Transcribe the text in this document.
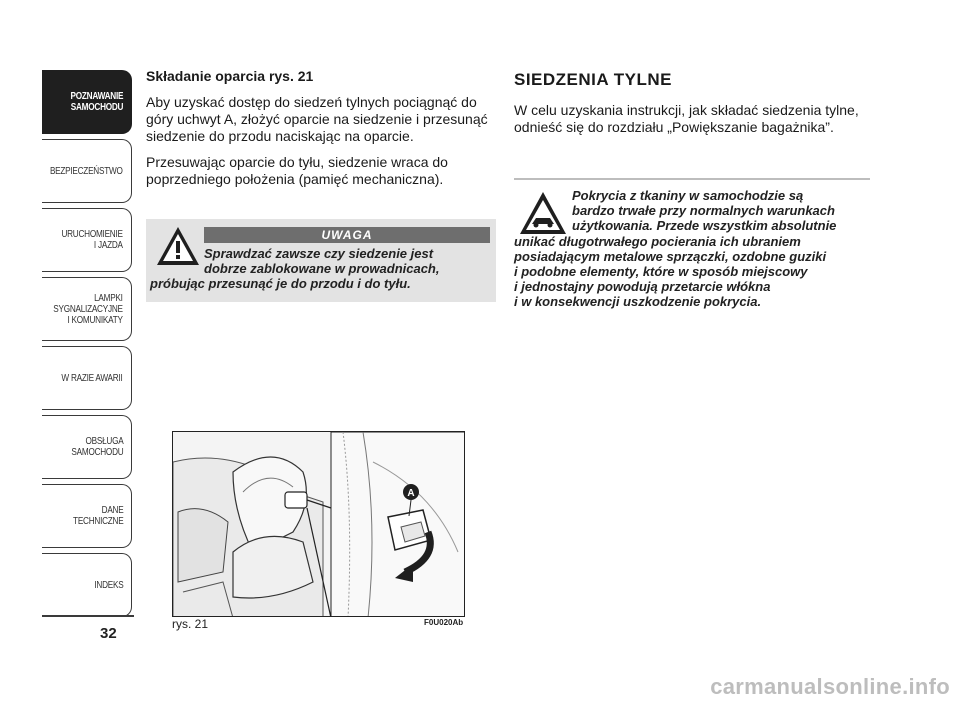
POZNAWANIE
SAMOCHODU
BEZPIECZEŃSTWO
URUCHOMIENIE
I JAZDA
LAMPKI
SYGNALIZACYJNE
I KOMUNIKATY
W RAZIE AWARII
OBSŁUGA
SAMOCHODU
DANE
TECHNICZNE
INDEKS
32
Składanie oparcia rys. 21

Aby uzyskać dostęp do siedzeń tylnych pociągnąć do góry uchwyt A, złożyć oparcie na siedzenie i przesunąć siedzenie do przodu naciskając na oparcie.

Przesuwając oparcie do tyłu, siedzenie wraca do poprzedniego położenia (pamięć mechaniczna).

UWAGA
Sprawdzać zawsze czy siedzenie jest
dobrze zablokowane w prowadnicach,
próbując przesunąć je do przodu i do tyłu.
A
rys. 21	F0U020Ab
SIEDZENIA TYLNE

W celu uzyskania instrukcji, jak składać siedzenia tylne, odnieść się do rozdziału „Powiększanie bagażnika”.

Pokrycia z tkaniny w samochodzie są
bardzo trwałe przy normalnych warunkach
użytkowania. Przede wszystkim absolutnie
unikać długotrwałego pocierania ich ubraniem
posiadającym metalowe sprzączki, ozdobne guziki
i podobne elementy, które w sposób miejscowy
i jednostajny powodują przetarcie włókna
i w konsekwencji uszkodzenie pokrycia.
carmanualsonline.info
